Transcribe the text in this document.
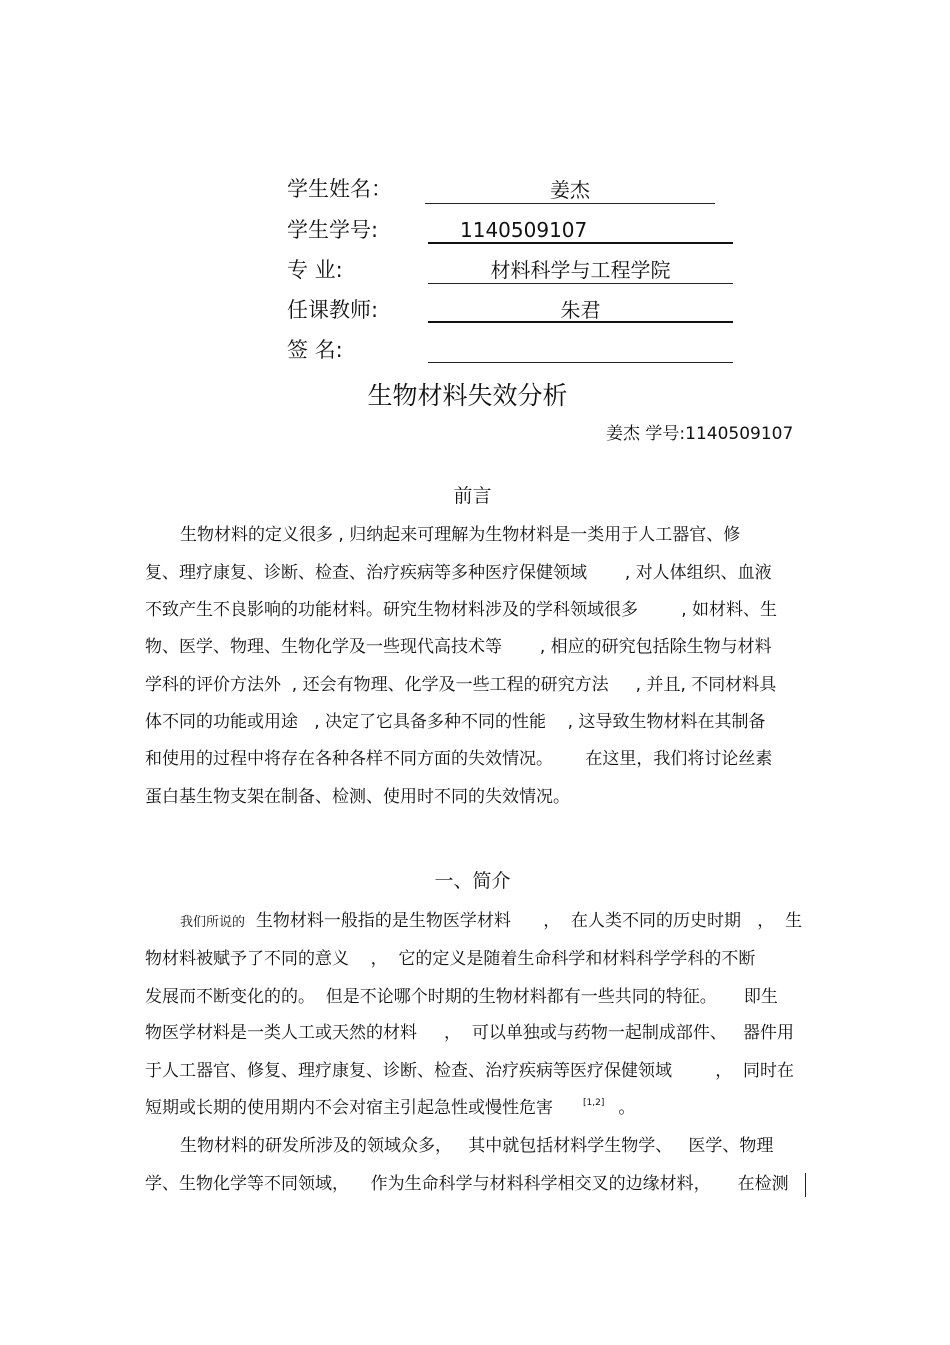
学生姓名：	姜杰
学生学号:	1140509107
专 业:	材料科学与工程学院
任课教师:	朱君
签 名:
生物材料失效分析
姜杰 学号:1140509107
前言
生物材料的定义很多 , 归纳起来可理解为生物材料是一类用于人工器官、修
复、理疗康复、诊断、检查、治疗疾病等多种医疗保健领域       , 对人体组织、血液
不致产生不良影响的功能材料。研究生物材料涉及的学科领域很多        , 如材料、生
物、医学、物理、生物化学及一些现代高技术等       , 相应的研究包括除生物与材料
学科的评价方法外  , 还会有物理、化学及一些工程的研究方法     , 并且, 不同材料具
体不同的功能或用途   , 决定了它具备多种不同的性能    , 这导致生物材料在其制备
和使用的过程中将存在各种各样不同方面的失效情况。      在这里，我们将讨论丝素
蛋白基生物支架在制备、检测、使用时不同的失效情况。
一、简介
我们所说的  生物材料一般指的是生物医学材料      ，  在人类不同的历史时期   ，  生
物材料被赋予了不同的意义    ，  它的定义是随着生命科学和材料科学学科的不断
发展而不断变化的的。  但是不论哪个时期的生物材料都有一些共同的特征。     即生
物医学材料是一类人工或天然的材料     ，  可以单独或与药物一起制成部件、   器件用
于人工器官、修复、理疗康复、诊断、检查、治疗疾病等医疗保健领域        ，  同时在
短期或长期的使用期内不会对宿主引起急性或慢性危害	[1,2] 。
生物材料的研发所涉及的领域众多，   其中就包括材料学生物学、   医学、物理
学、生物化学等不同领域，    作为生命科学与材料科学相交叉的边缘材料，     在检测
